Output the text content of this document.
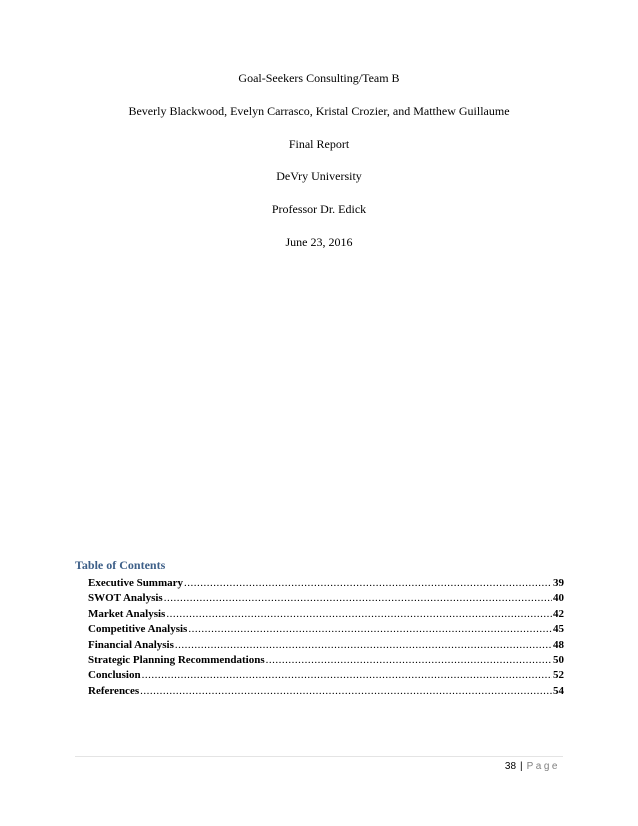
Goal-Seekers Consulting/Team B
Beverly Blackwood, Evelyn Carrasco, Kristal Crozier, and Matthew Guillaume
Final Report
DeVry University
Professor Dr. Edick
June 23, 2016
Table of Contents
Executive Summary .....	39
SWOT Analysis .....	40
Market Analysis .....	42
Competitive Analysis .....	45
Financial Analysis .....	48
Strategic Planning Recommendations .....	50
Conclusion .....	52
References .....	54
38 | Page
